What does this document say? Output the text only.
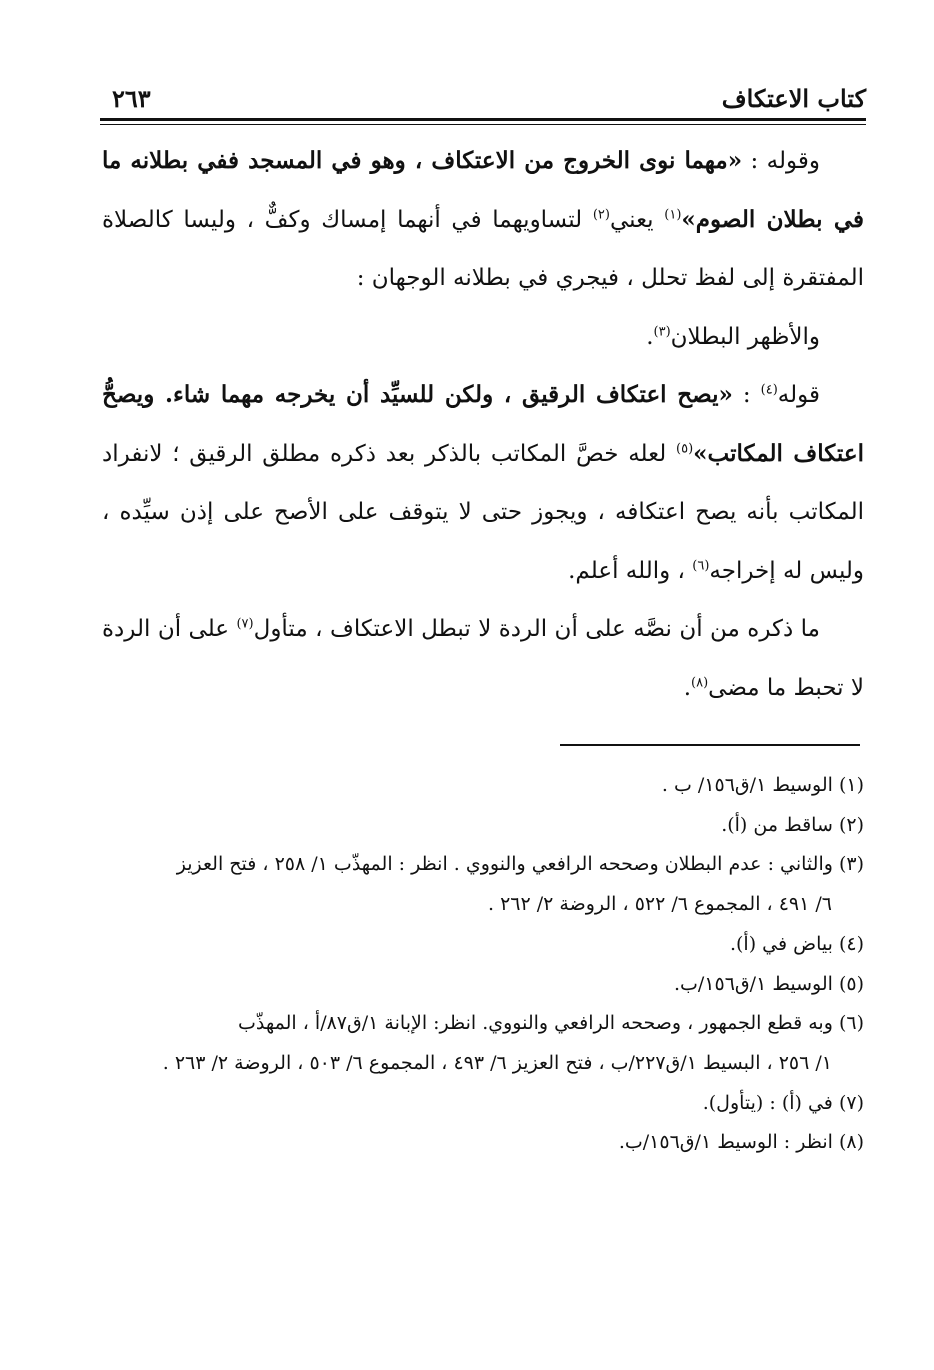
كتاب الاعتكاف
٢٦٣

وقوله : «مهما نوى الخروج من الاعتكاف ، وهو في المسجد ففي بطلانه ما في بطلان الصوم»$^{(١)}$ يعني$^{(٢)}$ لتساويهما في أنهما إمساك وكفٌّ ، وليسا كالصلاة المفتقرة إلى لفظ تحلل ، فيجري في بطلانه الوجهان :

والأظهر البطلان$^{(٣)}$.

قوله$^{(٤)}$ : «يصح اعتكاف الرقيق ، ولكن للسيِّد أن يخرجه مهما شاء. ويصحُّ اعتكاف المكاتب»$^{(٥)}$ لعله خصَّ المكاتب بالذكر بعد ذكره مطلق الرقيق ؛ لانفراد المكاتب بأنه يصح اعتكافه ، ويجوز حتى لا يتوقف على الأصح على إذن سيِّده ، وليس له إخراجه$^{(٦)}$ ، والله أعلم.

ما ذكره من أن نصَّه على أن الردة لا تبطل الاعتكاف ، متأول$^{(٧)}$ على أن الردة لا تحبط ما مضى$^{(٨)}$.

(١) الوسيط ١/ق١٥٦/ ب .

(٢) ساقط من (أ).

(٣) والثاني : عدم البطلان وصححه الرافعي والنووي . انظر : المهذّب ١/ ٢٥٨ ، فتح العزيز
٦/ ٤٩١ ، المجموع ٦/ ٥٢٢ ، الروضة ٢/ ٢٦٢ .

(٤) بياض في (أ).

(٥) الوسيط ١/ق١٥٦/ب.

(٦) وبه قطع الجمهور ، وصححه الرافعي والنووي. انظر: الإبانة ١/ق٨٧/أ ، المهذّب
١/ ٢٥٦ ، البسيط ١/ق٢٢٧/ب ، فتح العزيز ٦/ ٤٩٣ ، المجموع ٦/ ٥٠٣ ، الروضة ٢/ ٢٦٣ .

(٧) في (أ) : (يتأول).

(٨) انظر : الوسيط ١/ق١٥٦/ب.
